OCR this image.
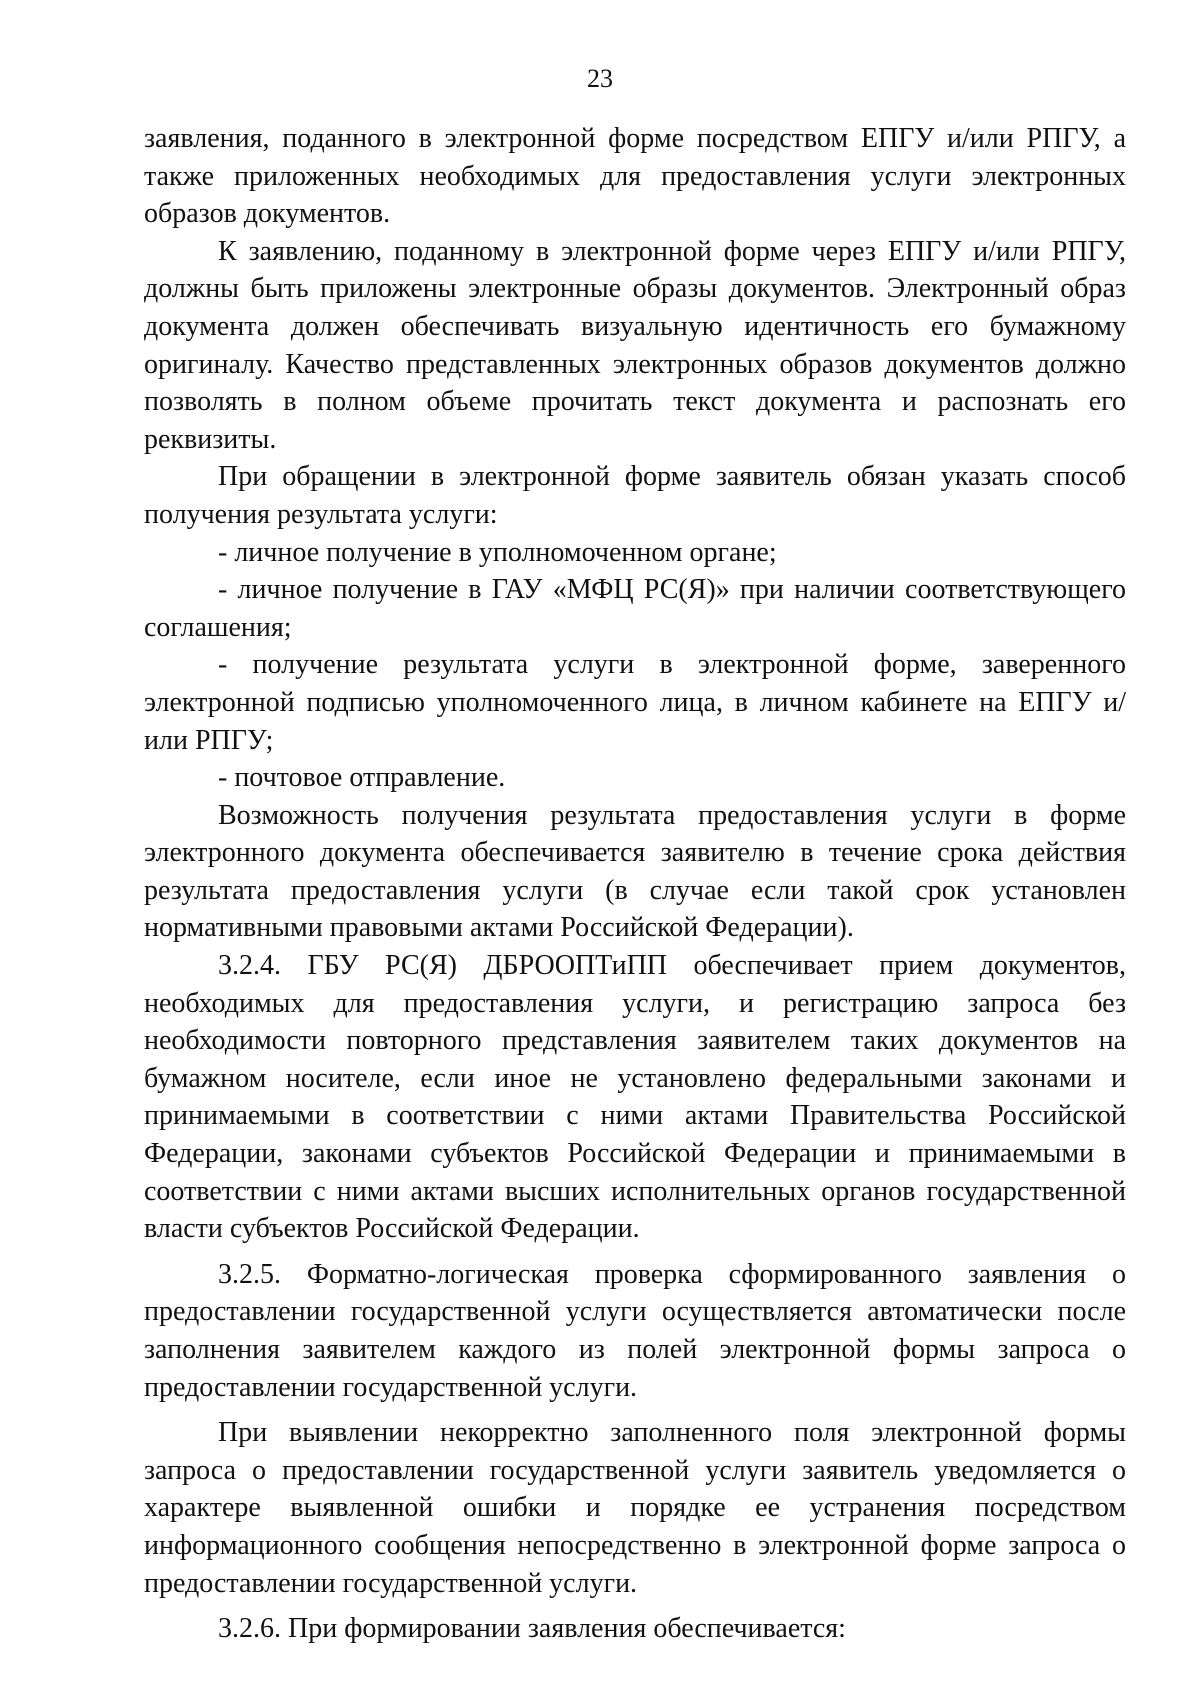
23

заявления, поданного в электронной форме посредством ЕПГУ и/или РПГУ, а также приложенных необходимых для предоставления услуги электронных образов документов.

К заявлению, поданному в электронной форме через ЕПГУ и/или РПГУ, должны быть приложены электронные образы документов. Электронный образ документа должен обеспечивать визуальную идентичность его бумажному оригиналу. Качество представленных электронных образов документов должно позволять в полном объеме прочитать текст документа и распознать его реквизиты.

При обращении в электронной форме заявитель обязан указать способ получения результата услуги:

- личное получение в уполномоченном органе;

- личное получение в ГАУ «МФЦ РС(Я)» при наличии соответствующего соглашения;

- получение результата услуги в электронной форме, заверенного электронной подписью уполномоченного лица, в личном кабинете на ЕПГУ и/или РПГУ;

- почтовое отправление.

Возможность получения результата предоставления услуги в форме электронного документа обеспечивается заявителю в течение срока действия результата предоставления услуги (в случае если такой срок установлен нормативными правовыми актами Российской Федерации).

3.2.4. ГБУ РС(Я) ДБРООПТиПП обеспечивает прием документов, необходимых для предоставления услуги, и регистрацию запроса без необходимости повторного представления заявителем таких документов на бумажном носителе, если иное не установлено федеральными законами и принимаемыми в соответствии с ними актами Правительства Российской Федерации, законами субъектов Российской Федерации и принимаемыми в соответствии с ними актами высших исполнительных органов государственной власти субъектов Российской Федерации.

3.2.5. Форматно-логическая проверка сформированного заявления о предоставлении государственной услуги осуществляется автоматически после заполнения заявителем каждого из полей электронной формы запроса о предоставлении государственной услуги.

При выявлении некорректно заполненного поля электронной формы запроса о предоставлении государственной услуги заявитель уведомляется о характере выявленной ошибки и порядке ее устранения посредством информационного сообщения непосредственно в электронной форме запроса о предоставлении государственной услуги.

3.2.6. При формировании заявления обеспечивается:
